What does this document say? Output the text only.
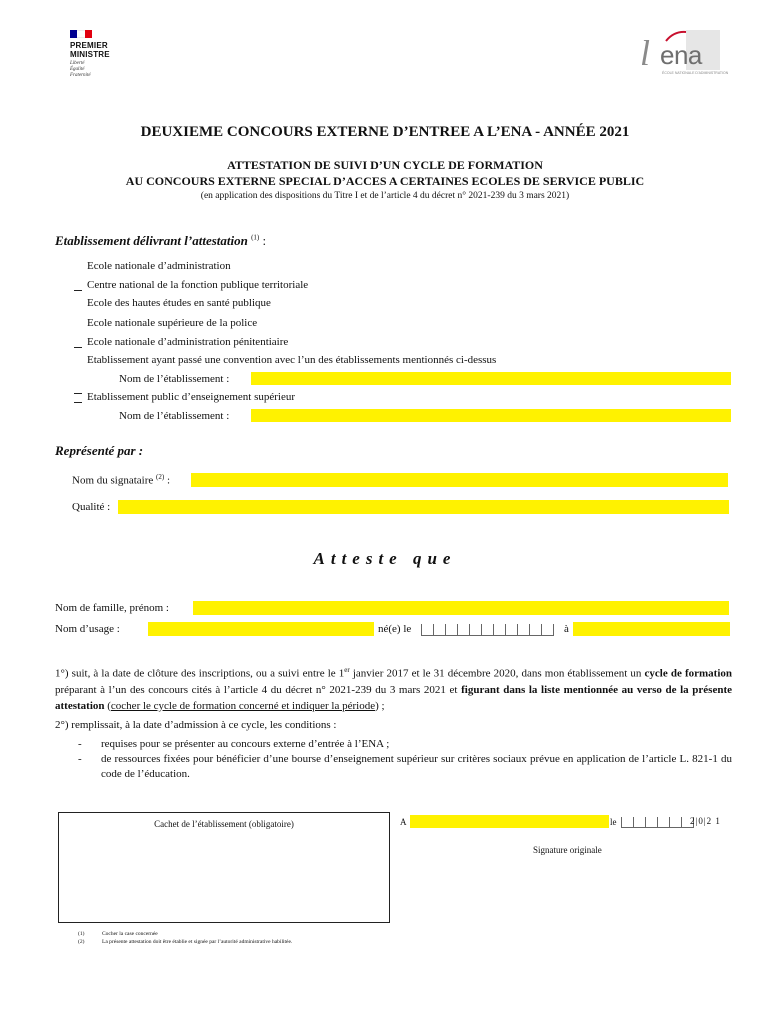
PREMIER
MINISTRE
Liberté
Égalité
Fraternité
l ena
ÉCOLE NATIONALE D'ADMINISTRATION
DEUXIEME CONCOURS EXTERNE D’ENTREE A L’ENA - ANNÉE 2021
ATTESTATION DE SUIVI D’UN CYCLE DE FORMATION
AU CONCOURS EXTERNE SPECIAL D’ACCES A CERTAINES ECOLES DE SERVICE PUBLIC
(en application des dispositions du Titre I et de l’article 4 du décret n° 2021-239 du 3 mars 2021)
Etablissement délivrant l’attestation $^{(1)}$ :
Ecole nationale d’administration
Centre national de la fonction publique territoriale
Ecole des hautes études en santé publique
Ecole nationale supérieure de la police
Ecole nationale d’administration pénitentiaire
Etablissement ayant passé une convention avec l’un des établissements mentionnés ci-dessus
Nom de l’établissement :
Etablissement public d’enseignement supérieur
Nom de l’établissement :
Représenté par :
Nom du signataire $^{(2)}$ :
Qualité :
Atteste que
Nom de famille, prénom :
Nom d’usage :	né(e) le	à
1°) suit, à la date de clôture des inscriptions, ou a suivi entre le 1er janvier 2017 et le 31 décembre 2020, dans mon établissement un cycle de formation préparant à l’un des concours cités à l’article 4 du décret n° 2021-239 du 3 mars 2021 et figurant dans la liste mentionnée au verso de la présente attestation (cocher le cycle de formation concerné et indiquer la période) ;
2°) remplissait, à la date d’admission à ce cycle, les conditions :
- requises pour se présenter au concours externe d’entrée à l’ENA ;
- de ressources fixées pour bénéficier d’une bourse d’enseignement supérieur sur critères sociaux prévue en application de l’article L. 821-1 du code de l’éducation.
Cachet de l’établissement (obligatoire)	A	le	2|0|2 1
Signature originale
(1)	Cocher la case concernée
(2)	La présente attestation doit être établie et signée par l’autorité administrative habilitée.
